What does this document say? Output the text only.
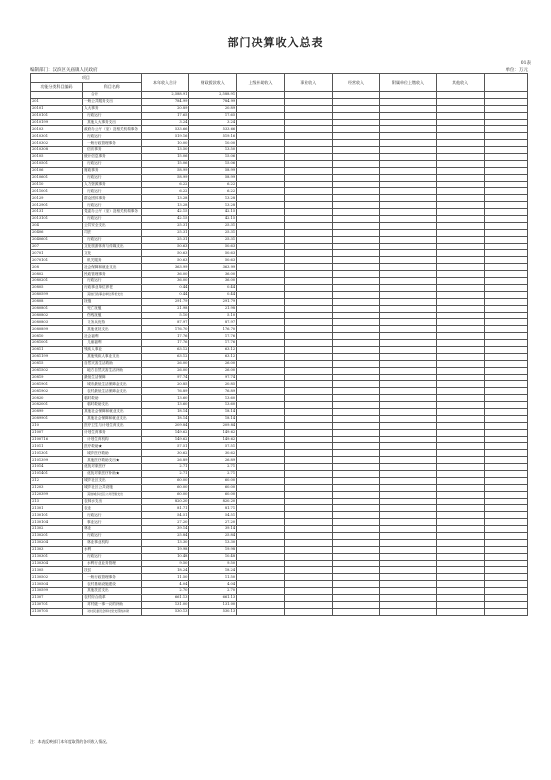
部门决算收入总表
01表
编制部门：汉滨区关庙镇人民政府	单位：万元
项目		本年收入合计	财政拨款收入	上级补助收入	事业收入	经营收入	附属单位上缴收入	其他收入	
功能分类科目编码	科目名称								
	合计	2,588.91	2,588.91						
201	一般公共服务支出	784.99	784.99						
20101	人大事务	20.89	20.89						
2010101	行政运行	17.65	17.65						
2010199	其他人大事务支出	3.24	3.24						
20103	政府办公厅（室）及相关机构事务	533.66	533.66						
2010301	行政运行	519.16	519.16						
2010302	一般行政管理事务	10.00	10.00						
2010308	信访事务	13.50	13.50						
20105	统计信息事务	15.06	15.06						
2010501	行政运行	15.06	15.06						
20106	财政事务	58.99	58.99						
2010601	行政运行	58.99	58.99						
20110	人力资源事务	6.22	6.22						
2011001	行政运行	6.22	6.22						
20129	群众团体事务	13.28	13.28						
2012901	行政运行	13.28	13.28						
20131	党委办公厅（室）及相关机构事务	42.15	42.15						
2013101	行政运行	42.15	42.15						
204	公共安全支出	25.31	25.31						
20406	司法	25.31	25.31						
2040601	行政运行	25.31	25.31						
207	文化旅游体育与传媒支出	50.63	50.63						
20701	文化	50.63	50.63						
2070101	机关服务	50.63	50.63						
208	社会保障和就业支出	363.99	363.99						
20802	民政管理事务	36.00	36.00						
2080201	行政运行	36.00	36.00						
20805	行政事业单位养老	0.44	0.44						
2080599	其他行政事业单位养老支出	0.44	0.44						
20808	抚恤	291.79	291.79						
2080801	死亡抚恤	21.98	21.98						
2080802	伤残抚恤	5.10	5.10						
2080803	义务兵优待	87.97	87.97						
2080899	其他优抚支出	176.70	176.70						
20810	社会福利	17.76	17.76						
2081001	儿童福利	17.76	17.76						
20811	残疾人事业	63.12	63.12						
2081199	其他残疾人事业支出	63.12	63.12						
20815	自然灾害生活救助	26.00	26.00						
2081502	地方自然灾害生活补助	26.00	26.00						
20819	最低生活保障	97.74	97.74						
2081901	城市最低生活保障金支出	20.85	20.85						
2081902	农村最低生活保障金支出	76.89	76.89						
20820	临时救助	13.60	13.60						
2082001	临时救助支出	13.60	13.60						
20899	其他社会保障和就业支出	18.14	18.14						
2089901	其他社会保障和就业支出	18.14	18.14						
210	医疗卫生与计划生育支出	209.84	209.84						
21007	计划生育事务	149.62	149.62						
2100716	计划生育机构	149.62	149.62						
21011	医疗救助★	57.51	57.51						
2101301	城乡医疗救助	30.62	30.62						
2101399	其他医疗救助支出★	26.89	26.89						
21014	优抚对象医疗	2.71	2.71						
2101401	优抚对象医疗补助★	2.71	2.71						
212	城乡社区支出	60.00	60.00						
21203	城乡社区公共设施	60.00	60.00						
2120399	其他城乡社区公共设施支出	60.00	60.00						
213	农林水支出	820.20	820.20						
21301	农业	81.71	81.71						
2130101	行政运行	54.51	54.51						
2130104	事业运行	27.20	27.20						
21302	林业	39.14	39.14						
2130201	行政运行	25.84	25.84						
2130204	林业事业机构	13.30	13.30						
21303	水利	19.98	19.98						
2130301	行政运行	10.48	10.48						
2130304	水利行业业务管理	9.50	9.50						
21305	扶贫	18.24	18.24						
2130502	一般行政管理事务	11.50	11.50						
2130504	农村基础设施建设	4.04	4.04						
2130599	其他扶贫支出	2.70	2.70						
21307	农村综合改革	661.13	661.13						
2130701	对村级一事一议的补助	131.00	131.00						
2130705	对村民委员会和村党支部的补助	530.13	530.13						
注：本表反映部门本年度取得的各项收入情况。
